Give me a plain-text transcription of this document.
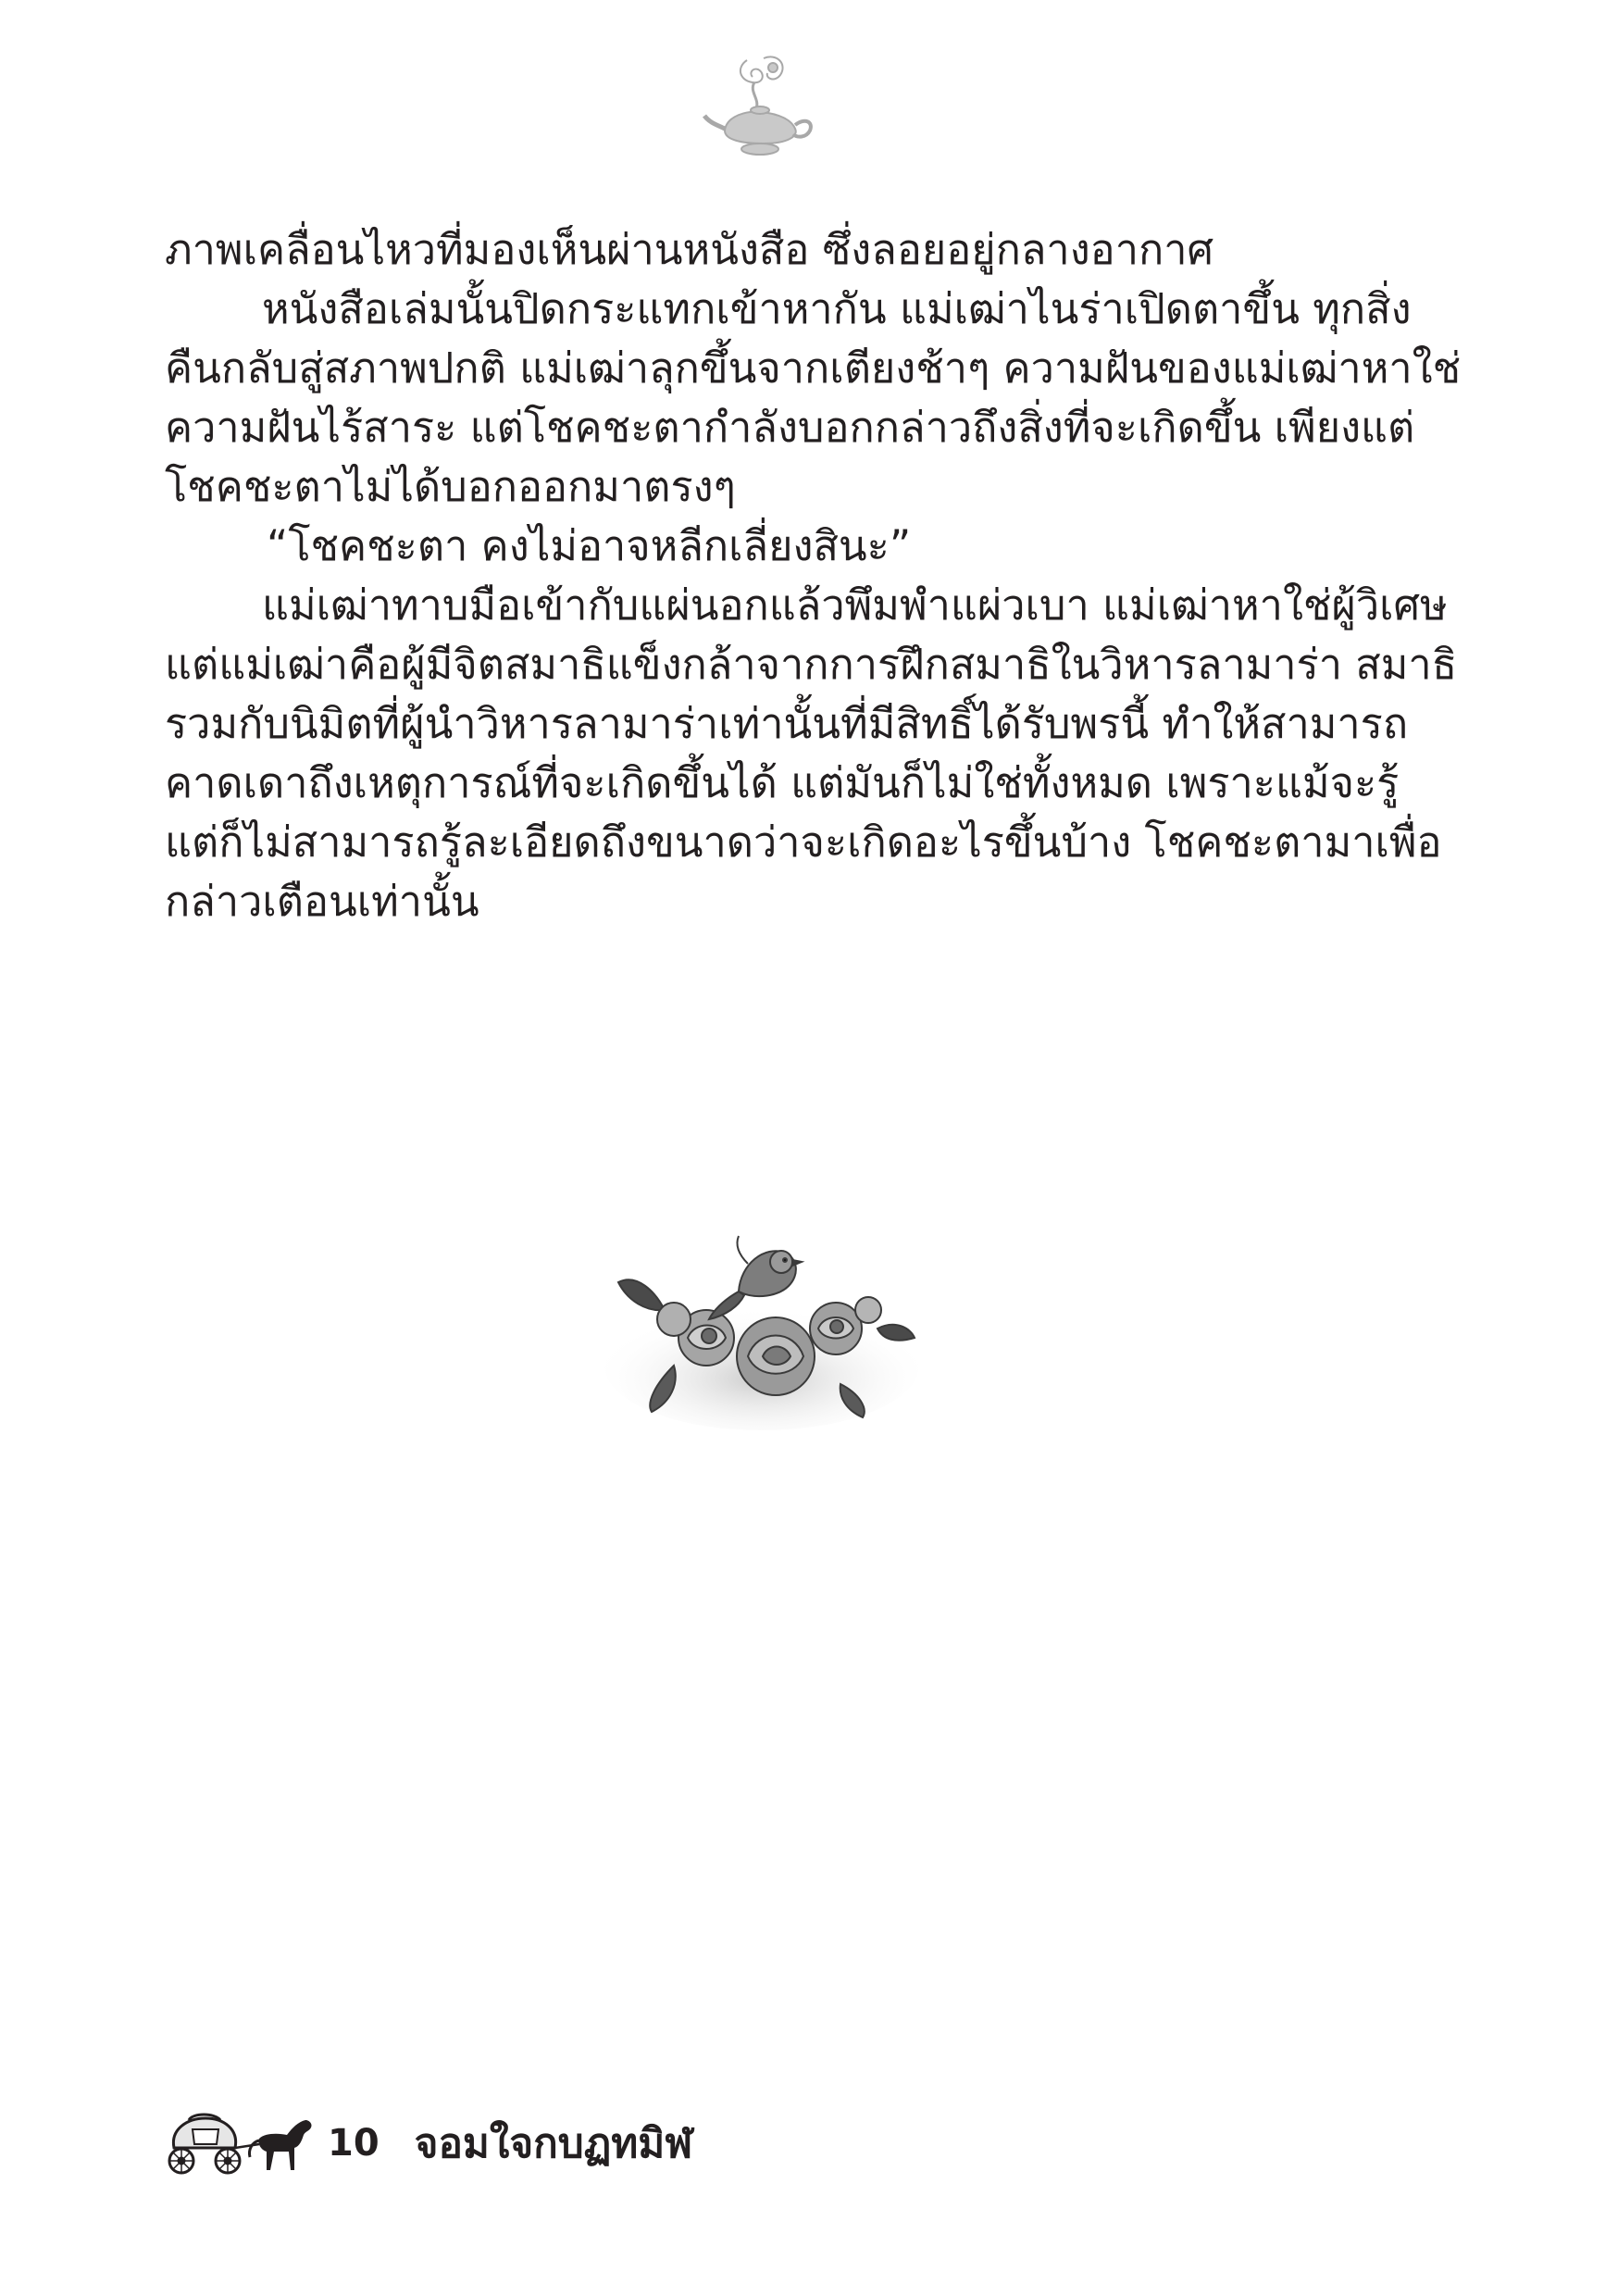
ภาพเคลื่อนไหวที่มองเห็นผ่านหนังสือ ซึ่งลอยอยู่กลางอากาศ
หนังสือเล่มนั้นปิดกระแทกเข้าหากัน แม่เฒ่าไนร่าเปิดตาขึ้น ทุกสิ่ง
คืนกลับสู่สภาพปกติ แม่เฒ่าลุกขึ้นจากเตียงช้าๆ ความฝันของแม่เฒ่าหาใช่
ความฝันไร้สาระ แต่โชคชะตากำลังบอกกล่าวถึงสิ่งที่จะเกิดขึ้น เพียงแต่
โชคชะตาไม่ได้บอกออกมาตรงๆ
“โชคชะตา คงไม่อาจหลีกเลี่ยงสินะ”
แม่เฒ่าทาบมือเข้ากับแผ่นอกแล้วพึมพำแผ่วเบา แม่เฒ่าหาใช่ผู้วิเศษ
แต่แม่เฒ่าคือผู้มีจิตสมาธิแข็งกล้าจากการฝึกสมาธิในวิหารลามาร่า สมาธิ
รวมกับนิมิตที่ผู้นำวิหารลามาร่าเท่านั้นที่มีสิทธิ์ได้รับพรนี้ ทำให้สามารถ
คาดเดาถึงเหตุการณ์ที่จะเกิดขึ้นได้ แต่มันก็ไม่ใช่ทั้งหมด เพราะแม้จะรู้
แต่ก็ไม่สามารถรู้ละเอียดถึงขนาดว่าจะเกิดอะไรขึ้นบ้าง โชคชะตามาเพื่อ
กล่าวเตือนเท่านั้น
10 จอมใจกบฏทมิฬ
